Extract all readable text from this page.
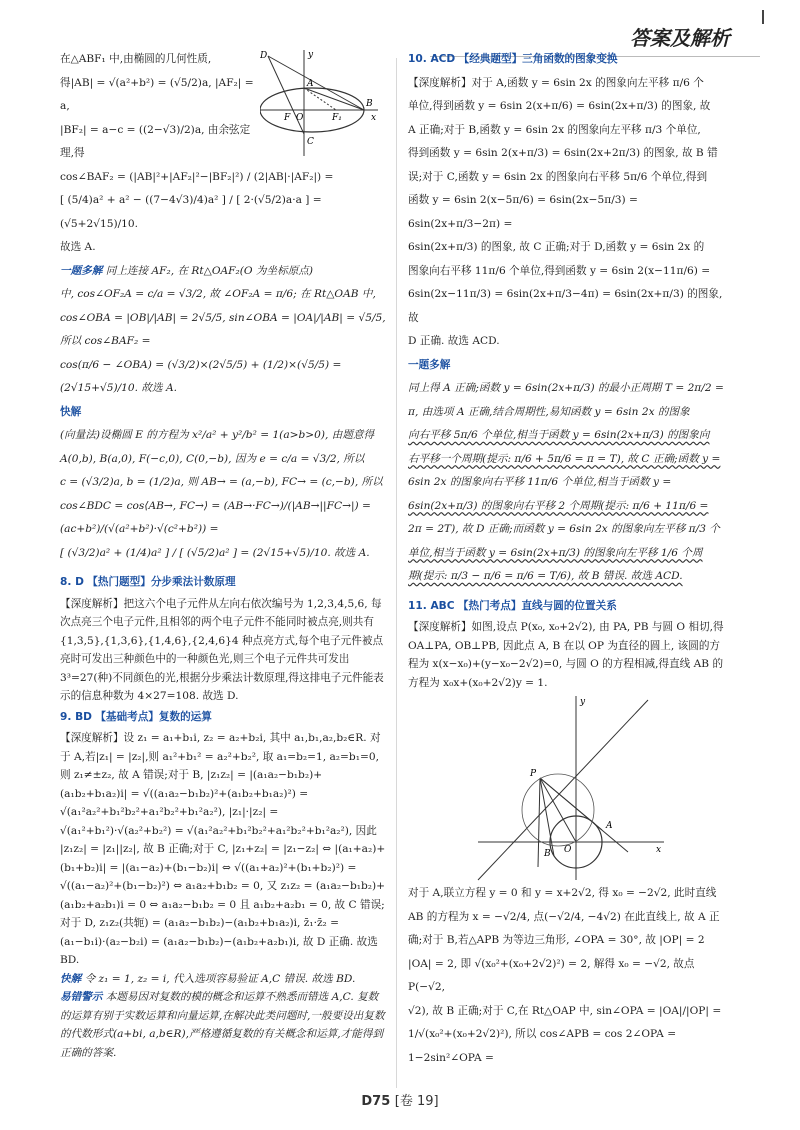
答案及解析
D	y
A
F O	F₁	x
C
B

在△ABF₁ 中,由椭圆的几何性质,

得|AB| = √(a²+b²) = (√5/2)a, |AF₂| = a,

|BF₂| = a−c = ((2−√3)/2)a, 由余弦定理,得

cos∠BAF₂ = (|AB|²+|AF₂|²−|BF₂|²) / (2|AB|·|AF₂|) =

[ (5/4)a² + a² − ((7−4√3)/4)a² ] / [ 2·(√5/2)a·a ] = (√5+2√15)/10.

故选 A.

一题多解 同上连接 AF₂, 在 Rt△OAF₂(O 为坐标原点)

中, cos∠OF₂A = c/a = √3/2, 故 ∠OF₂A = π/6; 在 Rt△OAB 中,

cos∠OBA = |OB|/|AB| = 2√5/5, sin∠OBA = |OA|/|AB| = √5/5, 所以 cos∠BAF₂ =

cos(π/6 − ∠OBA) = (√3/2)×(2√5/5) + (1/2)×(√5/5) = (2√15+√5)/10. 故选 A.

快解

(向量法)设椭圆 E 的方程为 x²/a² + y²/b² = 1(a>b>0), 由题意得

A(0,b), B(a,0), F(−c,0), C(0,−b), 因为 e = c/a = √3/2, 所以

c = (√3/2)a, b = (1/2)a, 则 AB→ = (a,−b), FC→ = (c,−b), 所以

cos∠BDC = cos⟨AB→, FC→⟩ = (AB→·FC→)/(|AB→||FC→|) = (ac+b²)/(√(a²+b²)·√(c²+b²)) =

[ (√3/2)a² + (1/4)a² ] / [ (√5/2)a² ] = (2√15+√5)/10. 故选 A.

8. D 【热门题型】分步乘法计数原理

【深度解析】把这六个电子元件从左向右依次编号为 1,2,3,4,5,6, 每次点亮三个电子元件,且相邻的两个电子元件不能同时被点亮,则共有{1,3,5},{1,3,6},{1,4,6},{2,4,6}4 种点亮方式,每个电子元件被点亮时可发出三种颜色中的一种颜色光,则三个电子元件共可发出 3³=27(种)不同颜色的光,根据分步乘法计数原理,得这排电子元件能表示的信息种数为 4×27=108. 故选 D.

9. BD 【基础考点】复数的运算

【深度解析】设 z₁ = a₁+b₁i, z₂ = a₂+b₂i, 其中 a₁,b₁,a₂,b₂∈R. 对于 A,若|z₁| = |z₂|,则 a₁²+b₁² = a₂²+b₂², 取 a₁=b₂=1, a₂=b₁=0, 则 z₁≠±z₂, 故 A 错误;对于 B, |z₁z₂| = |(a₁a₂−b₁b₂)+(a₁b₂+b₁a₂)i| = √((a₁a₂−b₁b₂)²+(a₁b₂+b₁a₂)²) = √(a₁²a₂²+b₁²b₂²+a₁²b₂²+b₁²a₂²), |z₁|·|z₂| = √(a₁²+b₁²)·√(a₂²+b₂²) = √(a₁²a₂²+b₁²b₂²+a₁²b₂²+b₁²a₂²), 因此 |z₁z₂| = |z₁||z₂|, 故 B 正确;对于 C, |z₁+z₂| = |z₁−z₂| ⇔ |(a₁+a₂)+(b₁+b₂)i| = |(a₁−a₂)+(b₁−b₂)i| ⇔ √((a₁+a₂)²+(b₁+b₂)²) = √((a₁−a₂)²+(b₁−b₂)²) ⇔ a₁a₂+b₁b₂ = 0, 又 z₁z₂ = (a₁a₂−b₁b₂)+(a₁b₂+a₂b₁)i = 0 ⇔ a₁a₂−b₁b₂ = 0 且 a₁b₂+a₂b₁ = 0, 故 C 错误;对于 D, z₁z₂(共轭) = (a₁a₂−b₁b₂)−(a₁b₂+b₁a₂)i, z̄₁·z̄₂ = (a₁−b₁i)·(a₂−b₂i) = (a₁a₂−b₁b₂)−(a₁b₂+a₂b₁)i, 故 D 正确. 故选 BD.

快解 令 z₁ = 1, z₂ = i, 代入选项容易验证 A,C 错误. 故选 BD.

易错警示 本题易因对复数的模的概念和运算不熟悉而错选 A,C. 复数的运算有别于实数运算和向量运算,在解决此类问题时,一般要设出复数的代数形式(a+bi, a,b∈R),严格遵循复数的有关概念和运算,才能得到正确的答案.

10. ACD 【经典题型】三角函数的图象变换

【深度解析】对于 A,函数 y = 6sin 2x 的图象向左平移 π/6 个

单位,得到函数 y = 6sin 2(x+π/6) = 6sin(2x+π/3) 的图象, 故

A 正确;对于 B,函数 y = 6sin 2x 的图象向左平移 π/3 个单位,

得到函数 y = 6sin 2(x+π/3) = 6sin(2x+2π/3) 的图象, 故 B 错

误;对于 C,函数 y = 6sin 2x 的图象向右平移 5π/6 个单位,得到

函数 y = 6sin 2(x−5π/6) = 6sin(2x−5π/3) = 6sin(2x+π/3−2π) =

6sin(2x+π/3) 的图象, 故 C 正确;对于 D,函数 y = 6sin 2x 的

图象向右平移 11π/6 个单位,得到函数 y = 6sin 2(x−11π/6) =

6sin(2x−11π/3) = 6sin(2x+π/3−4π) = 6sin(2x+π/3) 的图象, 故

D 正确. 故选 ACD.

一题多解

同上得 A 正确;函数 y = 6sin(2x+π/3) 的最小正周期 T = 2π/2 =

π, 由选项 A 正确,结合周期性,易知函数 y = 6sin 2x 的图象

向右平移 5π/6 个单位,相当于函数 y = 6sin(2x+π/3) 的图象向

右平移一个周期(提示: π/6 + 5π/6 = π = T), 故 C 正确;函数 y =

6sin 2x 的图象向右平移 11π/6 个单位,相当于函数 y =

6sin(2x+π/3) 的图象向右平移 2 个周期(提示: π/6 + 11π/6 =

2π = 2T), 故 D 正确;而函数 y = 6sin 2x 的图象向左平移 π/3 个

单位,相当于函数 y = 6sin(2x+π/3) 的图象向左平移 1/6 个周

期(提示: π/3 − π/6 = π/6 = T/6), 故 B 错误. 故选 ACD.

11. ABC 【热门考点】直线与圆的位置关系

【深度解析】如图,设点 P(x₀, x₀+2√2), 由 PA, PB 与圆 O 相切,得 OA⊥PA, OB⊥PB, 因此点 A, B 在以 OP 为直径的圆上, 该圆的方程为 x(x−x₀)+(y−x₀−2√2)=0, 与圆 O 的方程相减,得直线 AB 的方程为 x₀x+(x₀+2√2)y = 1.

y
P
A
B O	x

对于 A,联立方程 y = 0 和 y = x+2√2, 得 x₀ = −2√2, 此时直线

AB 的方程为 x = −√2/4, 点(−√2/4, −4√2) 在此直线上, 故 A 正

确;对于 B,若△APB 为等边三角形, ∠OPA = 30°, 故 |OP| = 2

|OA| = 2, 即 √(x₀²+(x₀+2√2)²) = 2, 解得 x₀ = −√2, 故点 P(−√2,

√2), 故 B 正确;对于 C,在 Rt△OAP 中, sin∠OPA = |OA|/|OP| =

1/√(x₀²+(x₀+2√2)²), 所以 cos∠APB = cos 2∠OPA = 1−2sin²∠OPA =

D75 [卷 19]
